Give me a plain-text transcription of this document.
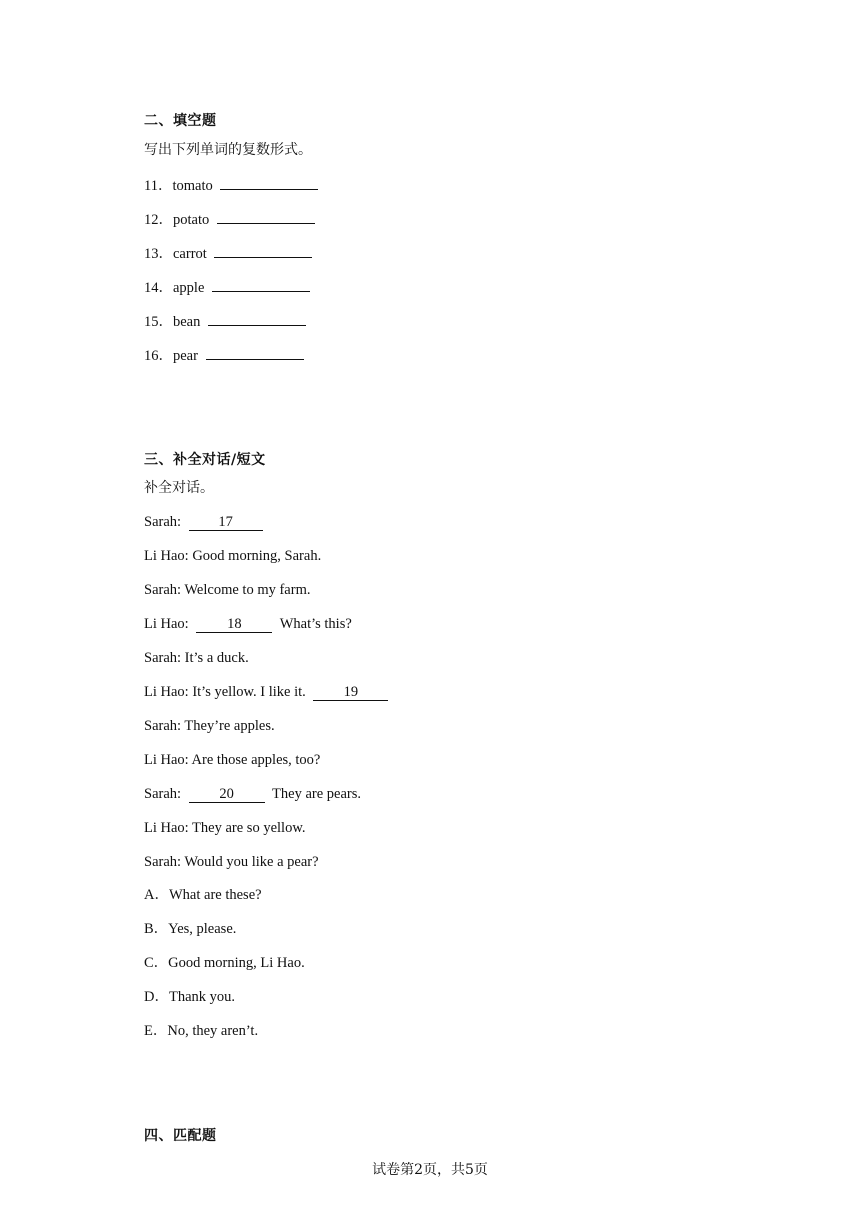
二、填空题
写出下列单词的复数形式。
11．tomato
12．potato
13．carrot
14．apple
15．bean
16．pear
三、补全对话/短文
补全对话。
Sarah: 17
Li Hao: Good morning, Sarah.
Sarah: Welcome to my farm.
Li Hao: 18 What’s this?
Sarah: It’s a duck.
Li Hao: It’s yellow. I like it. 19
Sarah: They’re apples.
Li Hao: Are those apples, too?
Sarah: 20 They are pears.
Li Hao: They are so yellow.
Sarah: Would you like a pear?
A．What are these?
B．Yes, please.
C．Good morning, Li Hao.
D．Thank you.
E．No, they aren’t.
四、匹配题
试卷第2页，共5页
